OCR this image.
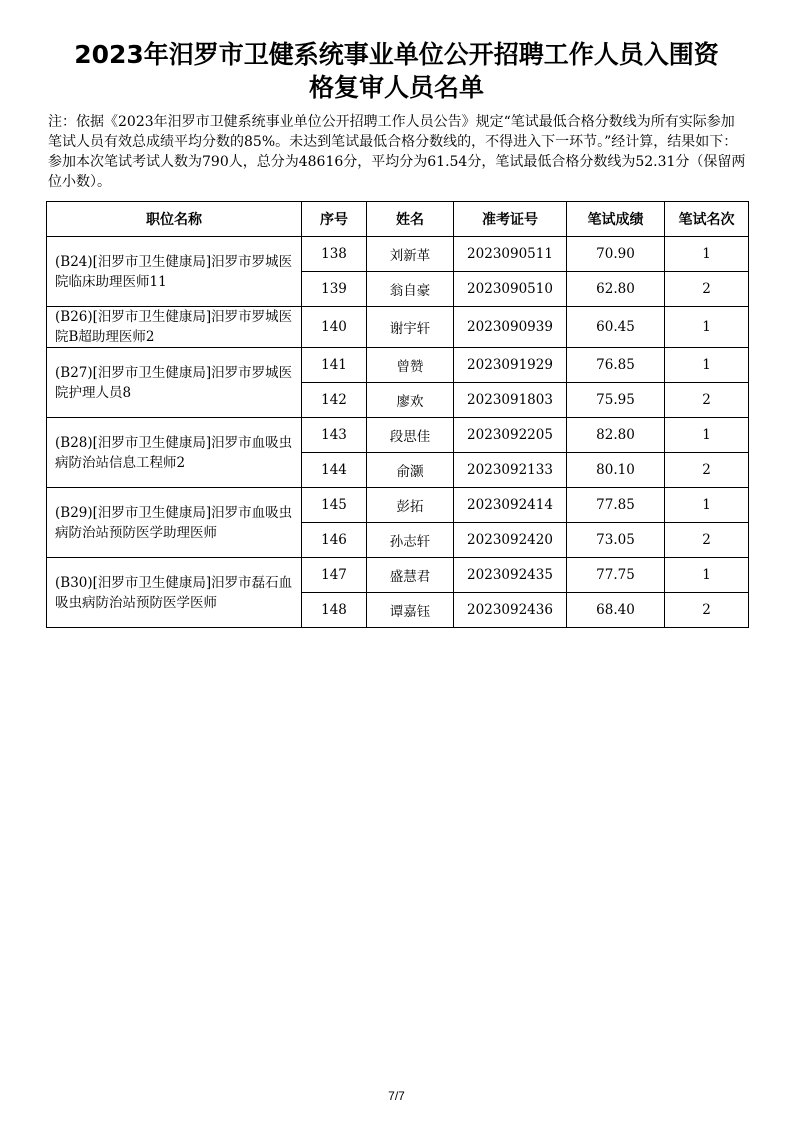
2023年汨罗市卫健系统事业单位公开招聘工作人员入围资
格复审人员名单

注：依据《2023年汨罗市卫健系统事业单位公开招聘工作人员公告》规定“笔试最低合格分数线为所有实际参加笔试人员有效总成绩平均分数的85%。未达到笔试最低合格分数线的，不得进入下一环节。”经计算，结果如下：参加本次笔试考试人数为790人，总分为48616分，平均分为61.54分，笔试最低合格分数线为52.31分（保留两位小数）。

职位名称	序号	姓名	准考证号	笔试成绩	笔试名次
(B24)[汨罗市卫生健康局]汨罗市罗城医院临床助理医师11	138	刘新革	2023090511	70.90	1
	139	翁自豪	2023090510	62.80	2
(B26)[汨罗市卫生健康局]汨罗市罗城医院B超助理医师2	140	谢宇轩	2023090939	60.45	1
(B27)[汨罗市卫生健康局]汨罗市罗城医院护理人员8	141	曾赞	2023091929	76.85	1
	142	廖欢	2023091803	75.95	2
(B28)[汨罗市卫生健康局]汨罗市血吸虫病防治站信息工程师2	143	段思佳	2023092205	82.80	1
	144	俞灏	2023092133	80.10	2
(B29)[汨罗市卫生健康局]汨罗市血吸虫病防治站预防医学助理医师	145	彭拓	2023092414	77.85	1
	146	孙志轩	2023092420	73.05	2
(B30)[汨罗市卫生健康局]汨罗市磊石血吸虫病防治站预防医学医师	147	盛慧君	2023092435	77.75	1
	148	谭嘉钰	2023092436	68.40	2
7/7
